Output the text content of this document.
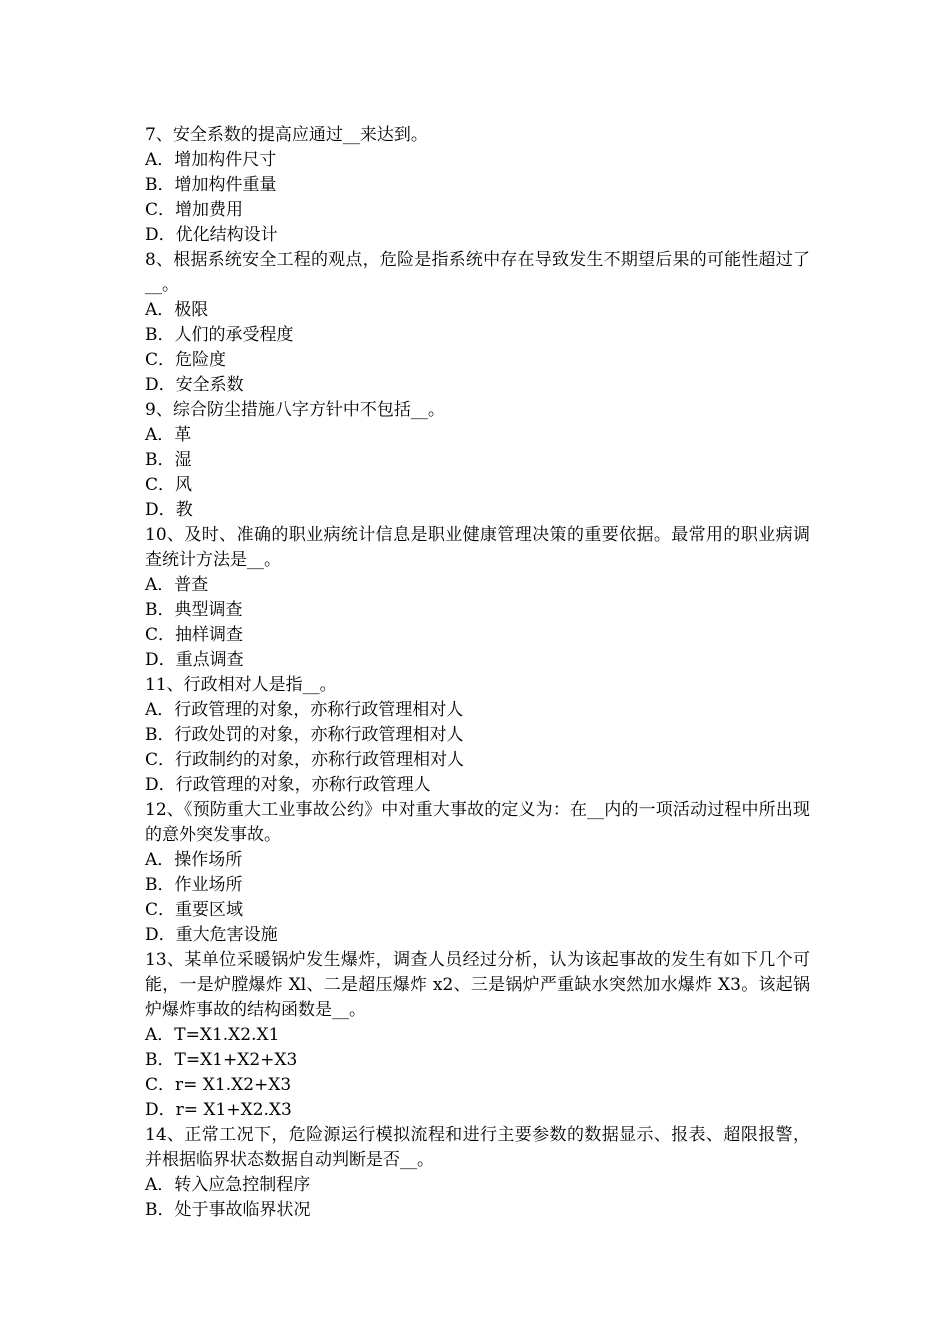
7、安全系数的提高应通过__来达到。

A．增加构件尺寸

B．增加构件重量

C．增加费用

D．优化结构设计

8、根据系统安全工程的观点，危险是指系统中存在导致发生不期望后果的可能性超过了__。

A．极限

B．人们的承受程度

C．危险度

D．安全系数

9、综合防尘措施八字方针中不包括__。

A．革

B．湿

C．风

D．教

10、及时、准确的职业病统计信息是职业健康管理决策的重要依据。最常用的职业病调查统计方法是__。

A．普查

B．典型调查

C．抽样调查

D．重点调查

11、行政相对人是指__。

A．行政管理的对象，亦称行政管理相对人

B．行政处罚的对象，亦称行政管理相对人

C．行政制约的对象，亦称行政管理相对人

D．行政管理的对象，亦称行政管理人

12、《预防重大工业事故公约》中对重大事故的定义为：在__内的一项活动过程中所出现的意外突发事故。

A．操作场所

B．作业场所

C．重要区域

D．重大危害设施

13、某单位采暖锅炉发生爆炸，调查人员经过分析，认为该起事故的发生有如下几个可能，一是炉膛爆炸 Xl、二是超压爆炸 x2、三是锅炉严重缺水突然加水爆炸 X3。该起锅炉爆炸事故的结构函数是__。

A．T=X1.X2.X1

B．T=X1+X2+X3

C．r= X1.X2+X3

D．r= X1+X2.X3

14、正常工况下，危险源运行模拟流程和进行主要参数的数据显示、报表、超限报警，并根据临界状态数据自动判断是否__。

A．转入应急控制程序

B．处于事故临界状况
